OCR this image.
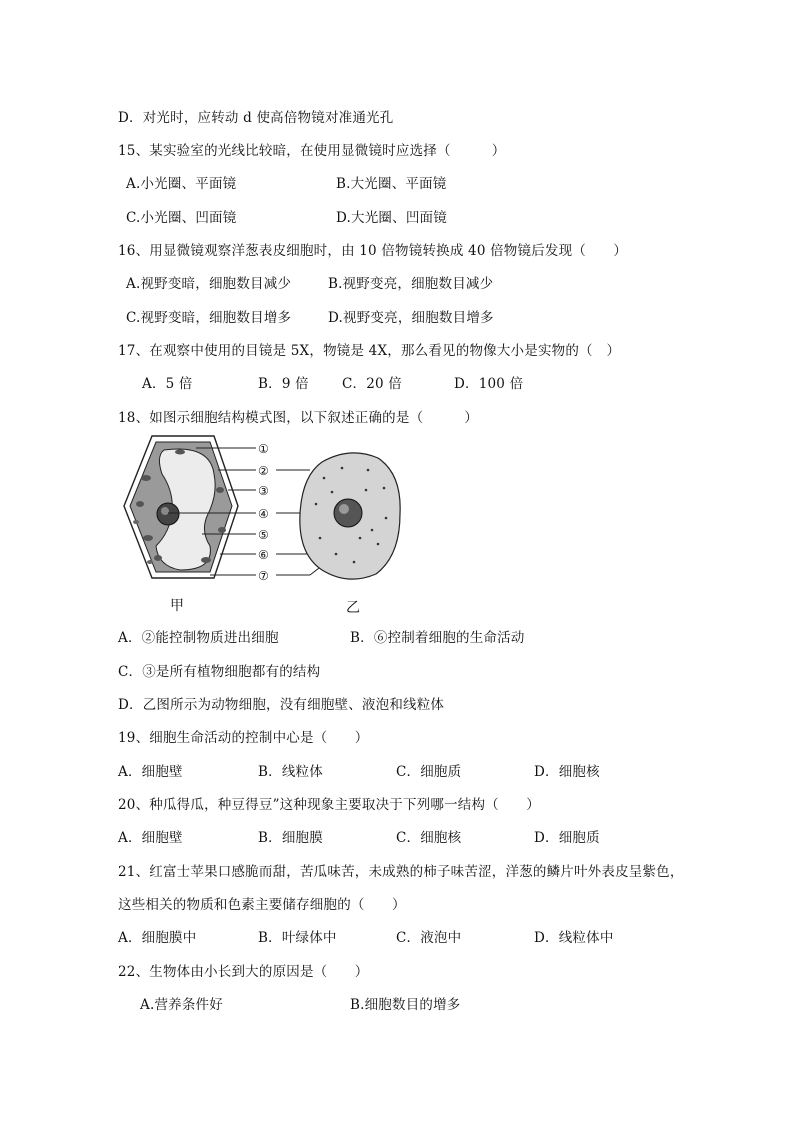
D．对光时，应转动 d 使高倍物镜对准通光孔
15、某实验室的光线比较暗，在使用显微镜时应选择（　　　）
A.小光圈、平面镜	B.大光圈、平面镜
C.小光圈、凹面镜	D.大光圈、凹面镜
16、用显微镜观察洋葱表皮细胞时，由 10 倍物镜转换成 40 倍物镜后发现（　　）
A.视野变暗，细胞数目减少	B.视野变亮，细胞数目减少
C.视野变暗，细胞数目增多	D.视野变亮，细胞数目增多
17、在观察中使用的目镜是 5X，物镜是 4X，那么看见的物像大小是实物的（　）
A．5 倍	B．9 倍 C．20 倍	D．100 倍
18、如图示细胞结构模式图，以下叙述正确的是（　　　）
①
②
③
④
⑤
⑥
⑦
甲	乙
A．②能控制物质进出细胞	B．⑥控制着细胞的生命活动
C．③是所有植物细胞都有的结构
D．乙图所示为动物细胞，没有细胞壁、液泡和线粒体
19、细胞生命活动的控制中心是（　　）
A．细胞壁	B．线粒体	C．细胞质	D．细胞核
20、种瓜得瓜，种豆得豆”这种现象主要取决于下列哪一结构（　　）
A．细胞壁	B．细胞膜	C．细胞核	D．细胞质
21、红富士苹果口感脆而甜，苦瓜味苦，未成熟的柿子味苦涩，洋葱的鳞片叶外表皮呈紫色，
这些相关的物质和色素主要储存细胞的（　　）
A．细胞膜中	B．叶绿体中	C．液泡中	D．线粒体中
22、生物体由小长到大的原因是（　　）
A.营养条件好	B.细胞数目的增多
